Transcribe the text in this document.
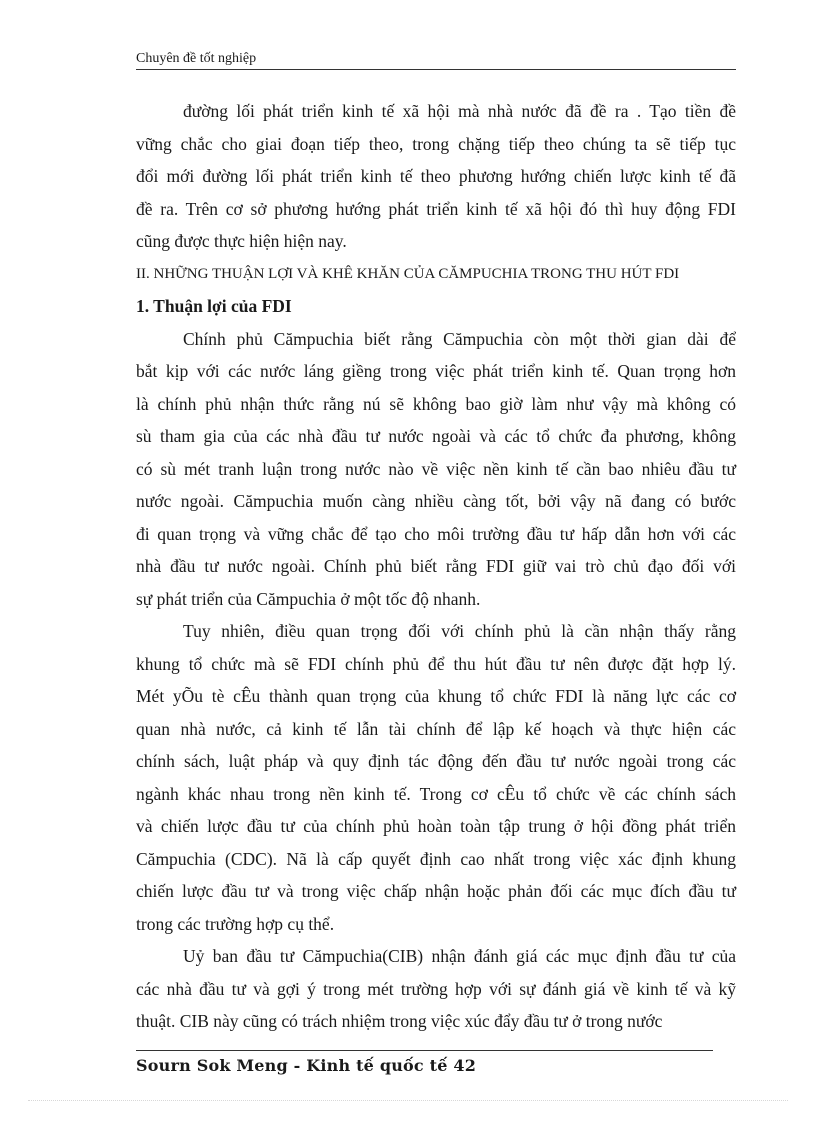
Chuyên đề tốt nghiệp
đường lối phát triển kinh tế xã hội mà nhà nước đã đề ra . Tạo tiền đề
vững chắc cho giai đoạn tiếp theo, trong chặng tiếp theo chúng ta sẽ tiếp tục
đổi mới đường lối phát triển kinh tế theo phương hướng chiến lược kinh tế đã
đề ra. Trên cơ sở phương hướng phát triển kinh tế xã hội đó thì huy động FDI
cũng được thực hiện hiện nay.
II. NHỮNG THUẬN LỢI VÀ KHÊ KHĂN CỦA CĂMPUCHIA TRONG THU HÚT FDI
1. Thuận lợi của FDI
Chính phủ Cămpuchia biết rằng Cămpuchia còn một thời gian dài để
bắt kịp với các nước láng giềng trong việc phát triển kinh tế. Quan trọng hơn
là chính phủ nhận thức rằng nú sẽ không bao giờ làm như vậy mà không có
sù tham gia của các nhà đầu tư nước ngoài và các tổ chức đa phương, không
có sù mét tranh luận trong nước nào về việc nền kinh tế cần bao nhiêu đầu tư
nước ngoài. Cămpuchia muốn càng nhiều càng tốt, bởi vậy nã đang có bước
đi quan trọng và vững chắc để tạo cho môi trường đầu tư hấp dẫn hơn với các
nhà đầu tư nước ngoài. Chính phủ biết rằng FDI giữ vai trò chủ đạo đối với
sự phát triển của Cămpuchia ở một tốc độ nhanh.
Tuy nhiên, điều quan trọng đối với chính phủ là cần nhận thấy rằng
khung tổ chức mà sẽ FDI chính phủ để thu hút đầu tư nên được đặt hợp lý.
Mét yÕu tè cÊu thành quan trọng của khung tổ chức FDI là năng lực các cơ
quan nhà nước, cả kinh tế lẫn tài chính để lập kế hoạch và thực hiện các
chính sách, luật pháp và quy định tác động đến đầu tư nước ngoài trong các
ngành khác nhau trong nền kinh tế. Trong cơ cÊu tổ chức về các chính sách
và chiến lược đầu tư của chính phủ hoàn toàn tập trung ở hội đồng phát triển
Cămpuchia (CDC). Nã là cấp quyết định cao nhất trong việc xác định khung
chiến lược đầu tư và trong việc chấp nhận hoặc phản đối các mục đích đầu tư
trong các trường hợp cụ thể.
Uỷ ban đầu tư Cămpuchia(CIB) nhận đánh giá các mục định đầu tư của
các nhà đầu tư và gợi ý trong mét trường hợp với sự đánh giá về kinh tế và kỹ
thuật. CIB này cũng có trách nhiệm trong việc xúc đẩy đầu tư ở trong nước
Sourn Sok Meng - Kinh tế quốc tế 42
